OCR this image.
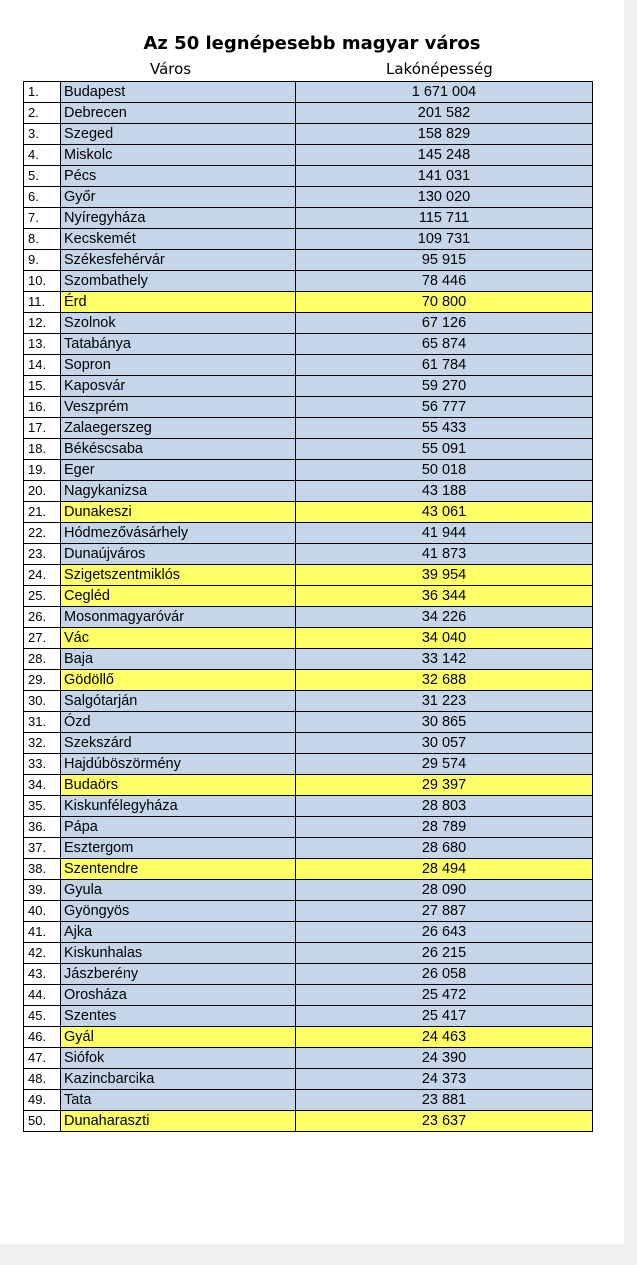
Az 50 legnépesebb magyar város
Város	Lakónépesség
1.	Budapest	1 671 004
2.	Debrecen	201 582
3.	Szeged	158 829
4.	Miskolc	145 248
5.	Pécs	141 031
6.	Győr	130 020
7.	Nyíregyháza	115 711
8.	Kecskemét	109 731
9.	Székesfehérvár	95 915
10.	Szombathely	78 446
11.	Érd	70 800
12.	Szolnok	67 126
13.	Tatabánya	65 874
14.	Sopron	61 784
15.	Kaposvár	59 270
16.	Veszprém	56 777
17.	Zalaegerszeg	55 433
18.	Békéscsaba	55 091
19.	Eger	50 018
20.	Nagykanizsa	43 188
21.	Dunakeszi	43 061
22.	Hódmezővásárhely	41 944
23.	Dunaújváros	41 873
24.	Szigetszentmiklós	39 954
25.	Cegléd	36 344
26.	Mosonmagyaróvár	34 226
27.	Vác	34 040
28.	Baja	33 142
29.	Gödöllő	32 688
30.	Salgótarján	31 223
31.	Ózd	30 865
32.	Szekszárd	30 057
33.	Hajdúböszörmény	29 574
34.	Budaörs	29 397
35.	Kiskunfélegyháza	28 803
36.	Pápa	28 789
37.	Esztergom	28 680
38.	Szentendre	28 494
39.	Gyula	28 090
40.	Gyöngyös	27 887
41.	Ajka	26 643
42.	Kiskunhalas	26 215
43.	Jászberény	26 058
44.	Orosháza	25 472
45.	Szentes	25 417
46.	Gyál	24 463
47.	Siófok	24 390
48.	Kazincbarcika	24 373
49.	Tata	23 881
50.	Dunaharaszti	23 637
